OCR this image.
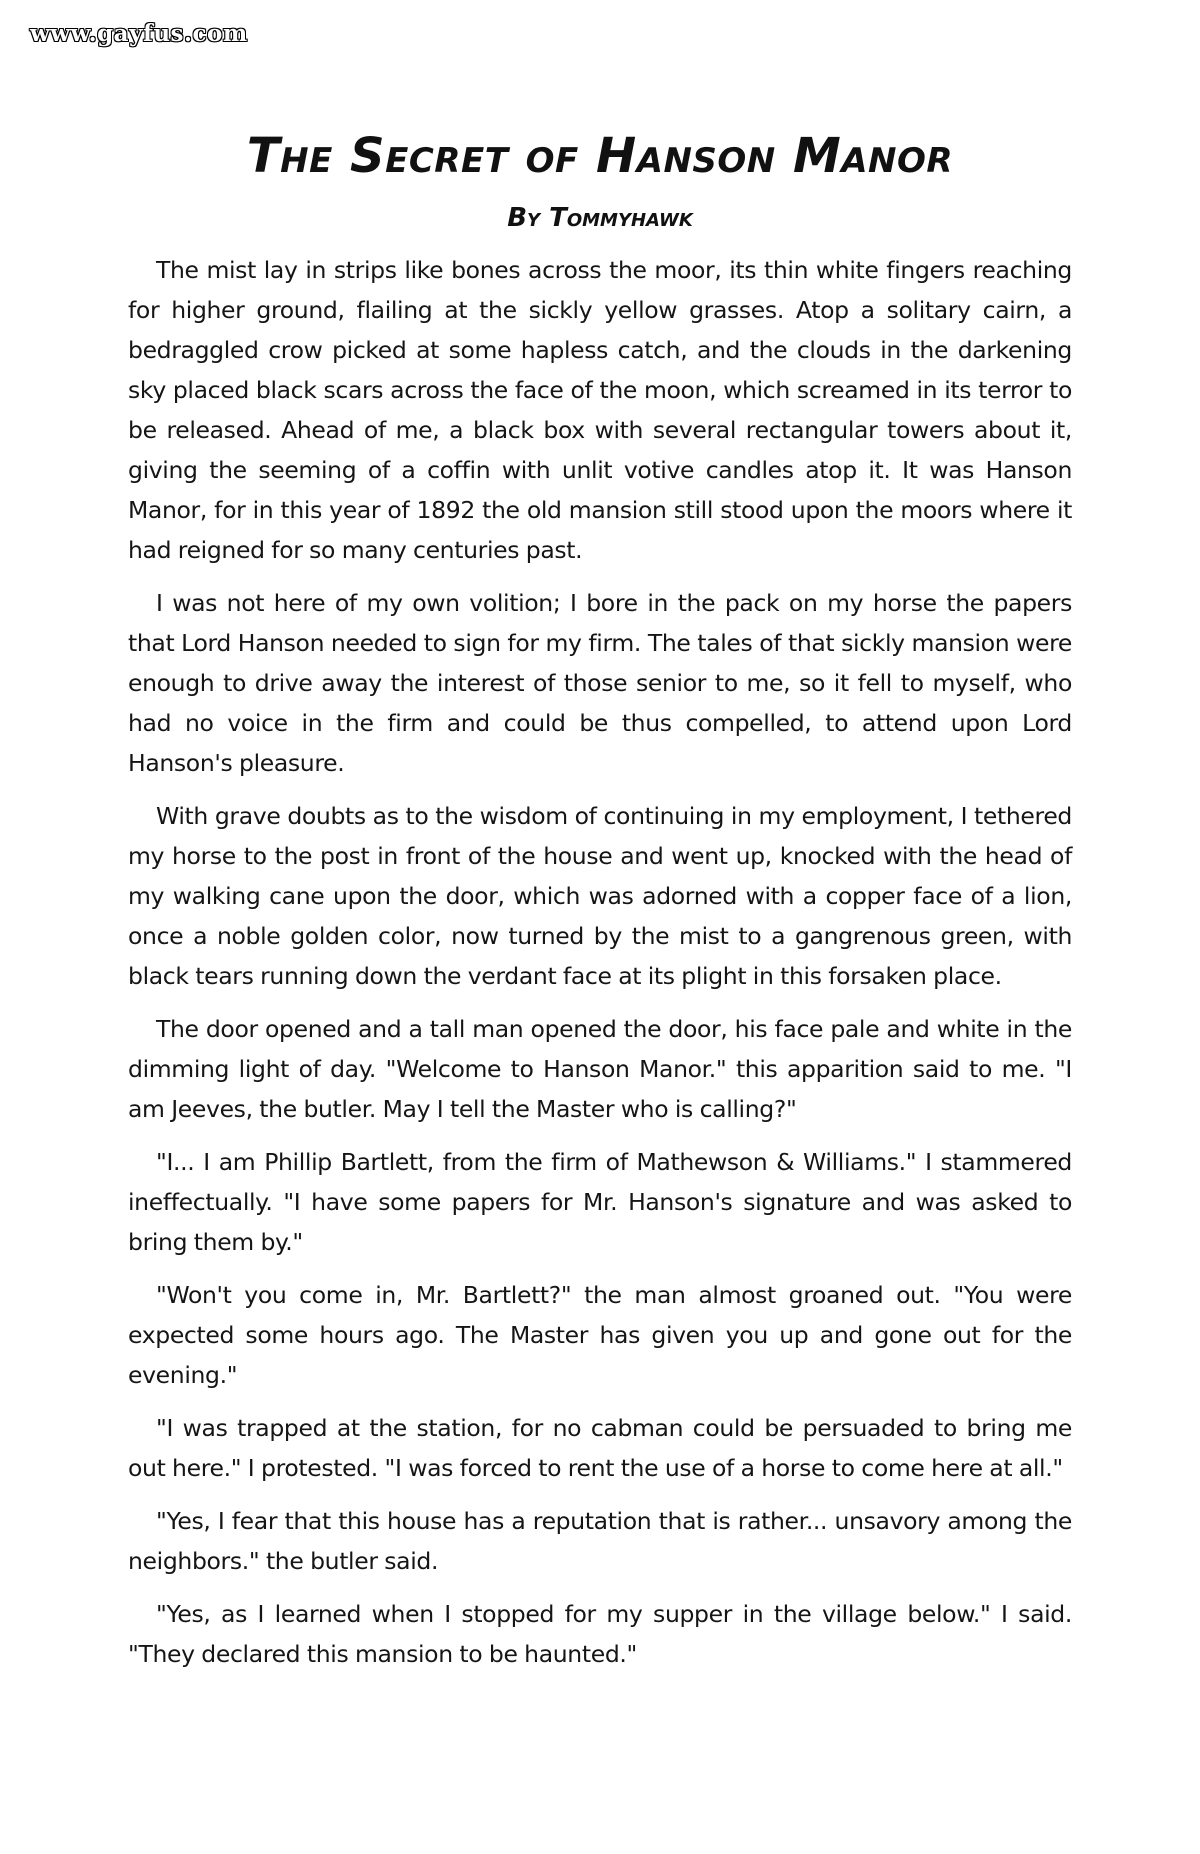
www.gayfus.com
The Secret of Hanson Manor
By Tommyhawk

The mist lay in strips like bones across the moor, its thin white fingers reaching for higher ground, flailing at the sickly yellow grasses. Atop a solitary cairn, a bedraggled crow picked at some hapless catch, and the clouds in the darkening sky placed black scars across the face of the moon, which screamed in its terror to be released. Ahead of me, a black box with several rectangular towers about it, giving the seeming of a coffin with unlit votive candles atop it. It was Hanson Manor, for in this year of 1892 the old mansion still stood upon the moors where it had reigned for so many centuries past.

I was not here of my own volition; I bore in the pack on my horse the papers that Lord Hanson needed to sign for my firm. The tales of that sickly mansion were enough to drive away the interest of those senior to me, so it fell to myself, who had no voice in the firm and could be thus compelled, to attend upon Lord Hanson's pleasure.

With grave doubts as to the wisdom of continuing in my employment, I tethered my horse to the post in front of the house and went up, knocked with the head of my walking cane upon the door, which was adorned with a copper face of a lion, once a noble golden color, now turned by the mist to a gangrenous green, with black tears running down the verdant face at its plight in this forsaken place.

The door opened and a tall man opened the door, his face pale and white in the dimming light of day. "Welcome to Hanson Manor." this apparition said to me. "I am Jeeves, the butler. May I tell the Master who is calling?"

"I... I am Phillip Bartlett, from the firm of Mathewson & Williams." I stammered ineffectually. "I have some papers for Mr. Hanson's signature and was asked to bring them by."

"Won't you come in, Mr. Bartlett?" the man almost groaned out. "You were expected some hours ago. The Master has given you up and gone out for the evening."

"I was trapped at the station, for no cabman could be persuaded to bring me out here." I protested. "I was forced to rent the use of a horse to come here at all."

"Yes, I fear that this house has a reputation that is rather... unsavory among the neighbors." the butler said.

"Yes, as I learned when I stopped for my supper in the village below." I said. "They declared this mansion to be haunted."
